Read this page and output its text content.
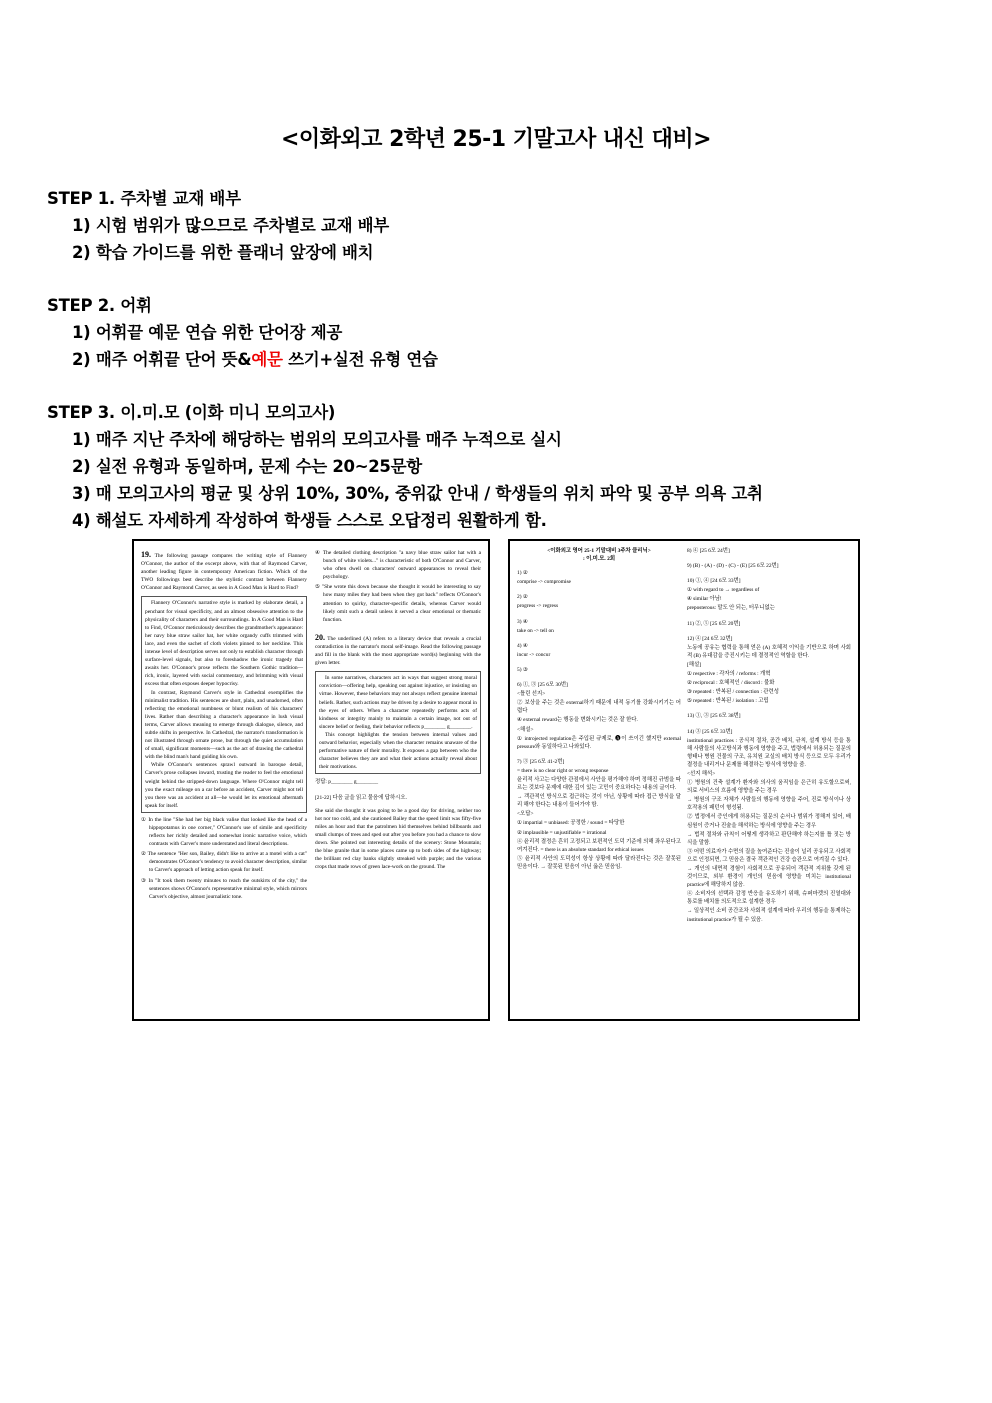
<이화외고 2학년 25-1 기말고사 내신 대비>
STEP 1. 주차별 교재 배부
1) 시험 범위가 많으므로 주차별로 교재 배부
2) 학습 가이드를 위한 플래너 앞장에 배치
STEP 2. 어휘
1) 어휘끝 예문 연습 위한 단어장 제공
2) 매주 어휘끝 단어 뜻&예문 쓰기+실전 유형 연습
STEP 3. 이.미.모 (이화 미니 모의고사)
1) 매주 지난 주차에 해당하는 범위의 모의고사를 매주 누적으로 실시
2) 실전 유형과 동일하며, 문제 수는 20~25문항
3) 매 모의고사의 평균 및 상위 10%, 30%, 중위값 안내 / 학생들의 위치 파악 및 공부 의욕 고취
4) 해설도 자세하게 작성하여 학생들 스스로 오답정리 원활하게 함.
19. The following passage compares the writing style of Flannery O'Connor, the author of the excerpt above, with that of Raymond Carver, another leading figure in contemporary American fiction. Which of the TWO followings best describe the stylistic contrast between Flannery O'Connor and Raymond Carver, as seen in A Good Man is Hard to Find?

Flannery O'Connor's narrative style is marked by elaborate detail, a penchant for visual specificity, and an almost obsessive attention to the physicality of characters and their surroundings. In A Good Man is Hard to Find, O'Connor meticulously describes the grandmother's appearance: her navy blue straw sailor hat, her white organdy cuffs trimmed with lace, and even the sachet of cloth violets pinned to her neckline. This intense level of description serves not only to establish character through surface-level signals, but also to foreshadow the ironic tragedy that awaits her. O'Connor's prose reflects the Southern Gothic tradition—rich, ironic, layered with social commentary, and brimming with visual excess that often exposes deeper hypocrisy.

In contrast, Raymond Carver's style in Cathedral exemplifies the minimalist tradition. His sentences are short, plain, and unadorned, often reflecting the emotional numbness or blunt realism of his characters' lives. Rather than describing a character's appearance in lush visual terms, Carver allows meaning to emerge through dialogue, silence, and subtle shifts in perspective. In Cathedral, the narrator's transformation is not illustrated through ornate prose, but through the quiet accumulation of small, significant moments—such as the act of drawing the cathedral with the blind man's hand guiding his own.

While O'Connor's sentences sprawl outward in baroque detail, Carver's prose collapses inward, trusting the reader to feel the emotional weight behind the stripped-down language. Where O'Connor might tell you the exact mileage on a car before an accident, Carver might not tell you there was an accident at all—he would let its emotional aftermath speak for itself.

① In the line "She had her big black valise that looked like the head of a hippopotamus in one corner," O'Connor's use of simile and specificity reflects her richly detailed and somewhat ironic narrative voice, which contrasts with Carver's more understated and literal descriptions.
② The sentence "Her son, Bailey, didn't like to arrive at a motel with a cat" demonstrates O'Connor's tendency to avoid character description, similar to Carver's approach of letting action speak for itself.
③ In "It took them twenty minutes to reach the outskirts of the city," the sentences shows O'Connor's representative minimal style, which mirrors Carver's objective, almost journalistic tone.
④ The detailed clothing description "a navy blue straw sailor hat with a bunch of white violets..." is characteristic of both O'Connor and Carver, who often dwell on characters' outward appearances to reveal their psychology.
⑤ "She wrote this down because she thought it would be interesting to say how many miles they had been when they got back" reflects O'Connor's attention to quirky, character-specific details, whereas Carver would likely omit such a detail unless it served a clear emotional or thematic function.
20. The underlined (A) refers to a literary device that reveals a crucial contradiction in the narrator's moral self-image. Read the following passage and fill in the blank with the most appropriate word(s) beginning with the given letter.

In some narratives, characters act in ways that suggest strong moral conviction—offering help, speaking out against injustice, or insisting on virtue. However, these behaviors may not always reflect genuine internal beliefs. Rather, such actions may be driven by a desire to appear moral in the eyes of others. When a character repeatedly performs acts of kindness or integrity mainly to maintain a certain image, not out of sincere belief or feeling, their behavior reflects p________ g________.

This concept highlights the tension between internal values and outward behavior, especially when the character remains unaware of the performative nature of their morality. It exposes a gap between who the character believes they are and what their actions actually reveal about their motivations.

정답: p________ g________
[21-22] 다음 글을 읽고 물음에 답하시오.
She said she thought it was going to be a good day for driving, neither too hot nor too cold, and she cautioned Bailey that the speed limit was fifty-five miles an hour and that the patrolmen hid themselves behind billboards and small clumps of trees and sped out after you before you had a chance to slow down. She pointed out interesting details of the scenery: Stone Mountain; the blue granite that in some places came up to both sides of the highway; the brilliant red clay banks slightly streaked with purple; and the various crops that made rows of green lace-work on the ground. The
<이화외고 영어 25-1 기말대비 3주차 클리닉>
: 이.미.모. 2회

1) ②

comprise -> compromise

2) ②

progress -> regress

3) ④

take on -> tell on

4) ④

incur -> concur

5) ③

6) ①, ③ [25 6모 30번]

<틀린 선지>

② 보상을 주는 것은 external하기 때문에 내적 동기를 강화시키기는 어렵다

④ external reward는 행동을 변화시키는 것은 잘 한다.

<해설>

① introjected regulation은 주입된 규제로, 🅐이 쓰이긴 했지만 external pressure와 동일하다고 나와있다.

7) ③ [25 6모 41-2번]

= there is no clear right or wrong response

윤리적 사고는 다양한 관점에서 사안을 평가해야 하며 정해진 규범을 따르는 것보다 문제에 대한 깊이 있는 고민이 중요하다는 내용의 글이다.

→ 객관적인 방식으로 접근하는 것이 아닌, 상황에 따라 접근 방식을 달리 해야 한다는 내용이 들어가야 함.

<오답>

① impartial = unbiased: 공정한 / sound = 타당한

② implausible = unjustifiable = irrational

④ 윤리적 결정은 흔히 고정되고 보편적인 도덕 기준에 의해 좌우된다고 여겨진다. = there is an absolute standard for ethical issues

⑤ 윤리적 사안의 도덕성이 항상 상황에 따라 달라진다는 것은 잘못된 믿음이다. → 잘못된 믿음이 아닌 옳은 믿음임.

8) ④ [25 6모 24번]

9) (B) - (A) - (D) - (C) - (E) [25 6모 22번]

10) ①, ④ [24 6모 33번]

① with regard to → regardless of

④ similar 아님!

preposterous: 말도 안 되는, 터무니없는

11) ②, ⑤ [25 6모 20번]

12) ④ [24 6모 32번]

노동에 공유는 협력을 통해 얻은 (A) 호혜적 이익을 기반으로 하며 사회적 (B) 유대감을 증진시키는 데 결정적인 역할을 한다.

[해설]

① respective : 각자의 / reforms : 개혁

② reciprocal : 호혜적인 / discord : 불화

③ repeated : 반복된 / connection : 관련성

⑤ repeated : 반복된 / isolation : 고립

13) ①, ③ [25 6모 38번]

14) ③ [25 6모 33번]

institutional practices : 공식적 절차, 공간 배치, 규칙, 설계 방식 등을 통해 사람들의 사고방식과 행동에 영향을 주고, 법령에서 허용되는 질문의 형태나 병원 건물의 구조, 유치원 교실의 배치 방식 등으로 모두 우리가 결정을 내리거나 문제를 해결하는 방식에 영향을 줌.

<선지 해석>

① 병원의 건축 설계가 환자와 의사의 움직임을 은근히 유도할으로써, 의료 서비스의 흐름에 영향을 주는 경우

→ 병원의 구조 자체가 사람들의 행동에 영향을 주어, 진료 방식이나 상호작용의 패턴이 형성됨.

② 법정에서 증인에게 허용되는 질문의 순서나 범위가 정해져 있어, 배심원이 증거나 진술을 해석하는 방식에 영향을 주는 경우

→ 법적 절차와 규칙이 어떻게 생각하고 판단해야 하는지를 틀 짓는 방식을 말함.

③ 어떤 의료자가 수면의 질을 높여준다는 진술이 널리 공유되고 사회적으로 인정되면, 그 믿음은 결국 객관적인 건강 습관으로 여겨질 수 있다.

→ 개인의 내면적 경험이 사회적으로 공유되어 객관적 지위를 갖게 된 것이므로, 외부 환경이 개인의 믿음에 영향을 미치는 institutional practice에 해당하지 않음.

④ 소비자의 선택과 감정 반응을 유도하기 위해, 슈퍼마켓의 진열대와 통로를 배치를 의도적으로 설계한 경우

→ 일상적인 소비 공간조차 사회적 설계에 따라 우리의 행동을 통제하는 institutional practice가 될 수 있음.
